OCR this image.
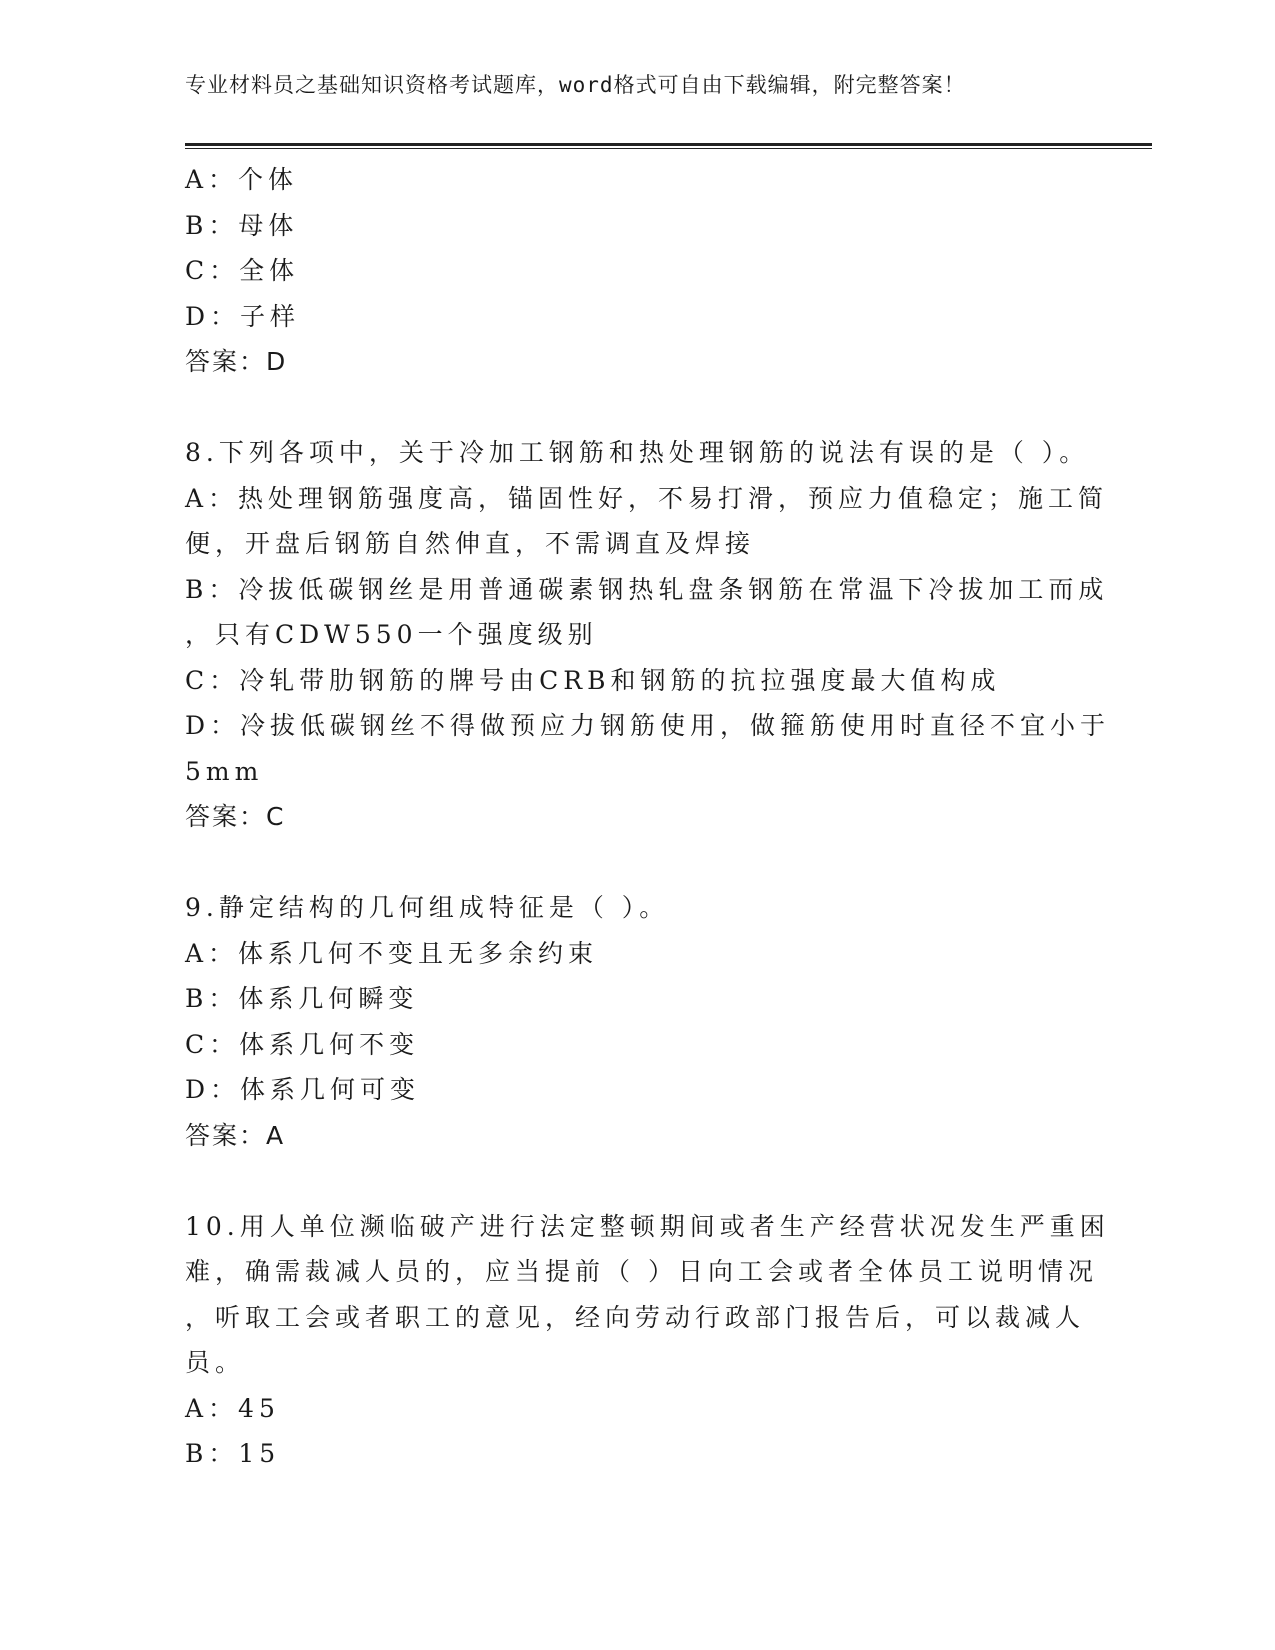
专业材料员之基础知识资格考试题库，word格式可自由下载编辑，附完整答案！
A：个体
B：母体
C：全体
D：子样
答案：D
8.下列各项中，关于冷加工钢筋和热处理钢筋的说法有误的是（ ）。
A：热处理钢筋强度高，锚固性好，不易打滑，预应力值稳定；施工简
便，开盘后钢筋自然伸直，不需调直及焊接
B：冷拔低碳钢丝是用普通碳素钢热轧盘条钢筋在常温下冷拔加工而成
，只有CDW550一个强度级别
C：冷轧带肋钢筋的牌号由CRB和钢筋的抗拉强度最大值构成
D：冷拔低碳钢丝不得做预应力钢筋使用，做箍筋使用时直径不宜小于
5mm
答案：C
9.静定结构的几何组成特征是（ ）。
A：体系几何不变且无多余约束
B：体系几何瞬变
C：体系几何不变
D：体系几何可变
答案：A
10.用人单位濒临破产进行法定整顿期间或者生产经营状况发生严重困
难，确需裁减人员的，应当提前（ ）日向工会或者全体员工说明情况
，听取工会或者职工的意见，经向劳动行政部门报告后，可以裁减人
员。
A：45
B：15
